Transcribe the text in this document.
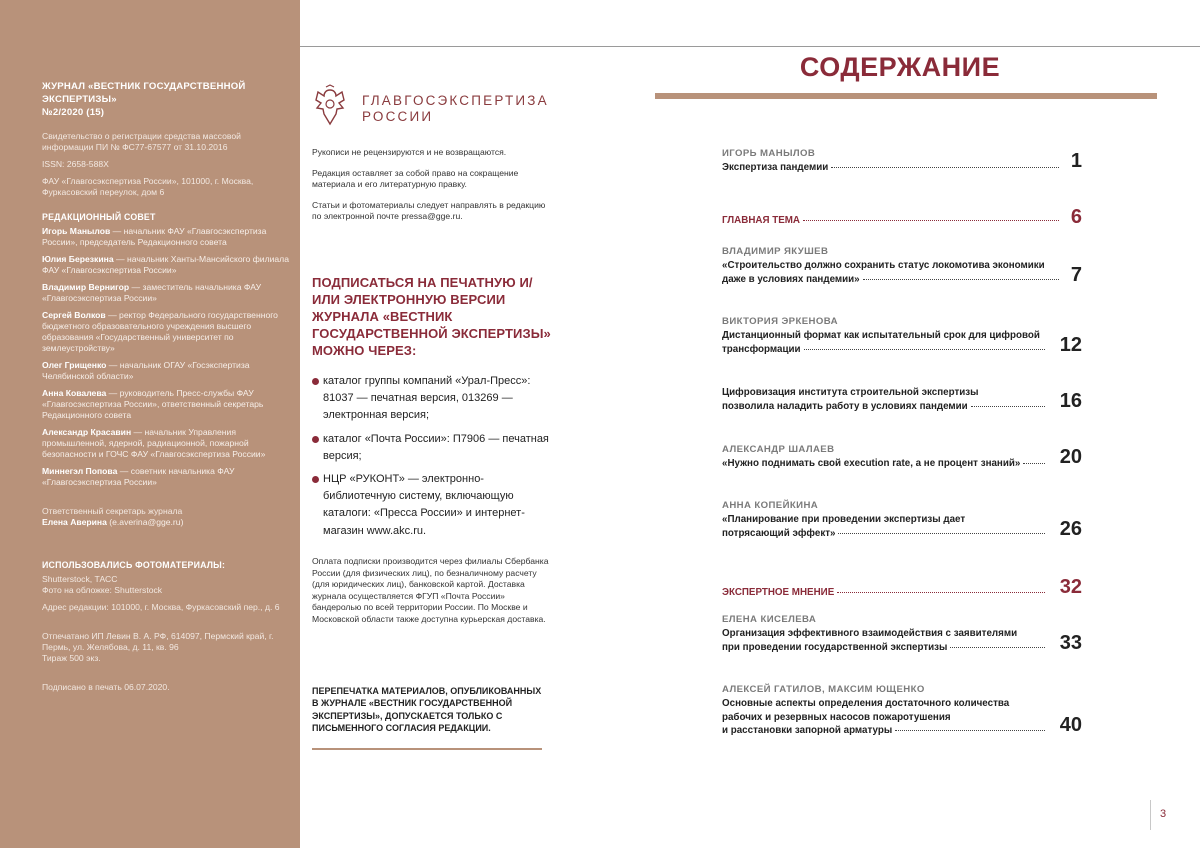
ЖУРНАЛ «ВЕСТНИК ГОСУДАРСТВЕННОЙ ЭКСПЕРТИЗЫ»
№2/2020 (15)

Свидетельство о регистрации средства массовой информации ПИ № ФС77-67577 от 31.10.2016

ISSN: 2658-588X

ФАУ «Главгосэкспертиза России», 101000, г. Москва, Фуркасовский переулок, дом 6

РЕДАКЦИОННЫЙ СОВЕТ

Игорь Манылов — начальник ФАУ «Главгосэкспертиза России», председатель Редакционного совета

Юлия Березкина — начальник Ханты-Мансийского филиала ФАУ «Главгосэкспертиза России»

Владимир Вернигор — заместитель начальника ФАУ «Главгосэкспертиза России»

Сергей Волков — ректор Федерального государственного бюджетного образовательного учреждения высшего образования «Государственный университет по землеустройству»

Олег Грищенко — начальник ОГАУ «Госэкспертиза Челябинской области»

Анна Ковалева — руководитель Пресс-службы ФАУ «Главгосэкспертиза России», ответственный секретарь Редакционного совета

Александр Красавин — начальник Управления промышленной, ядерной, радиационной, пожарной безопасности и ГОЧС ФАУ «Главгосэкспертиза России»

Миннегэл Попова — советник начальника ФАУ «Главгосэкспертиза России»

Ответственный секретарь журнала

Елена Аверина (e.averina@gge.ru)

ИСПОЛЬЗОВАЛИСЬ ФОТОМАТЕРИАЛЫ:

Shutterstock, ТАСС

Фото на обложке: Shutterstock

Адрес редакции: 101000, г. Москва, Фуркасовский пер., д. 6

Отпечатано ИП Левин В. А. РФ, 614097, Пермский край, г. Пермь, ул. Желябова, д. 11, кв. 96

Тираж 500 экз.

Подписано в печать 06.07.2020.

ГЛАВГОСЭКСПЕРТИЗА
РОССИИ

Рукописи не рецензируются и не возвращаются.

Редакция оставляет за собой право на сокращение материала и его литературную правку.

Статьи и фотоматериалы следует направлять в редакцию по электронной почте pressa@gge.ru.

ПОДПИСАТЬСЯ НА ПЕЧАТНУЮ И/ИЛИ ЭЛЕКТРОННУЮ ВЕРСИИ ЖУРНАЛА «ВЕСТНИК ГОСУДАРСТВЕННОЙ ЭКСПЕРТИЗЫ» МОЖНО ЧЕРЕЗ:
каталог группы компаний «Урал-Пресс»: 81037 — печатная версия, 013269 — электронная версия;
каталог «Почта России»: П7906 — печатная версия;
НЦР «РУКОНТ» — электронно-библиотечную систему, включающую каталоги: «Пресса России» и интернет-магазин www.akc.ru.
Оплата подписки производится через филиалы Сбербанка России (для физических лиц), по безналичному расчету (для юридических лиц), банковской картой. Доставка журнала осуществляется ФГУП «Почта России» бандеролью по всей территории России. По Москве и Московской области также доступна курьерская доставка.
ПЕРЕПЕЧАТКА МАТЕРИАЛОВ, ОПУБЛИКОВАННЫХ В ЖУРНАЛЕ «ВЕСТНИК ГОСУДАРСТВЕННОЙ ЭКСПЕРТИЗЫ», ДОПУСКАЕТСЯ ТОЛЬКО С ПИСЬМЕННОГО СОГЛАСИЯ РЕДАКЦИИ.
СОДЕРЖАНИЕ
ИГОРЬ МАНЫЛОВ
Экспертиза пандемии	1
ГЛАВНАЯ ТЕМА	6
ВЛАДИМИР ЯКУШЕВ
«Строительство должно сохранить статус локомотива экономики
даже в условиях пандемии»	7
ВИКТОРИЯ ЭРКЕНОВА
Дистанционный формат как испытательный срок для цифровой
трансформации	12
Цифровизация института строительной экспертизы
позволила наладить работу в условиях пандемии	16
АЛЕКСАНДР ШАЛАЕВ
«Нужно поднимать свой execution rate, а не процент знаний» 20
АННА КОПЕЙКИНА
«Планирование при проведении экспертизы дает
потрясающий эффект»	26
ЭКСПЕРТНОЕ МНЕНИЕ	32
ЕЛЕНА КИСЕЛЕВА
Организация эффективного взаимодействия с заявителями
при проведении государственной экспертизы	33
АЛЕКСЕЙ ГАТИЛОВ, МАКСИМ ЮЩЕНКО
Основные аспекты определения достаточного количества
рабочих и резервных насосов пожаротушения
и расстановки запорной арматуры	40
3
